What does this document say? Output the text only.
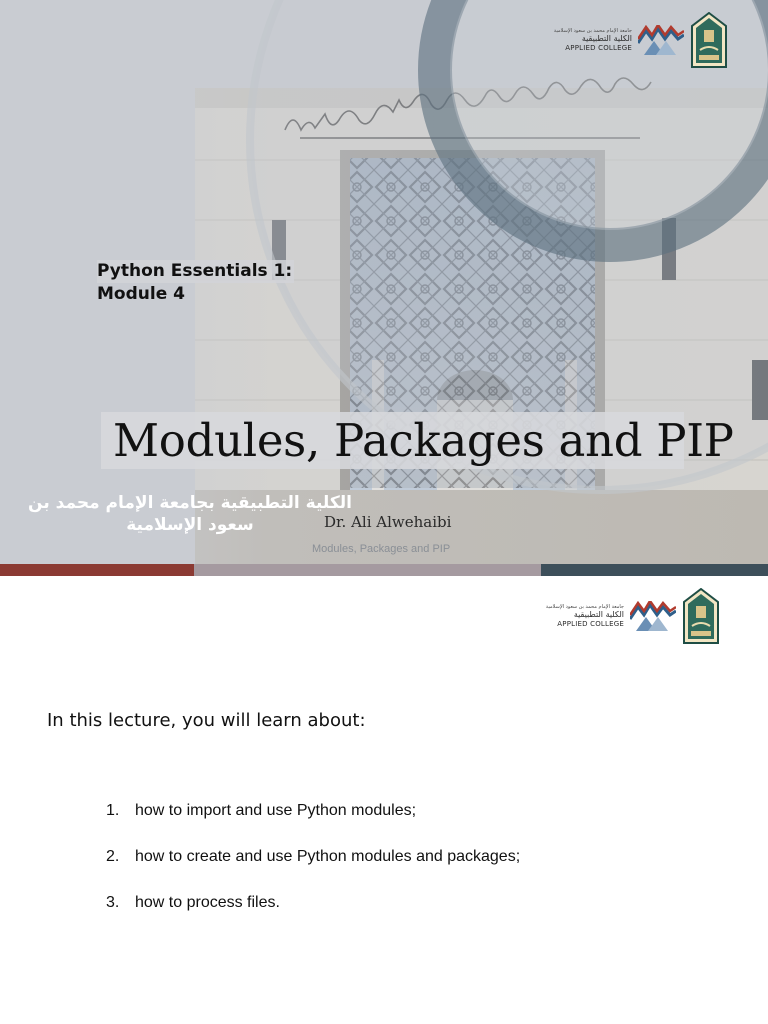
جامعة الإمام محمد بن سعود الإسلامية
الكلية التطبيقية
APPLIED COLLEGE
Python Essentials 1:
Module 4
Modules, Packages and PIP
الكلية التطبيقية بجامعة الإمام محمد بن
سعود الإسلامية	Dr. Ali Alwehaibi
Modules, Packages and PIP
جامعة الإمام محمد بن سعود الإسلامية
الكلية التطبيقية
APPLIED COLLEGE
In this lecture, you will learn about:
1. how to import and use Python modules;
2. how to create and use Python modules and packages;
3. how to process files.
